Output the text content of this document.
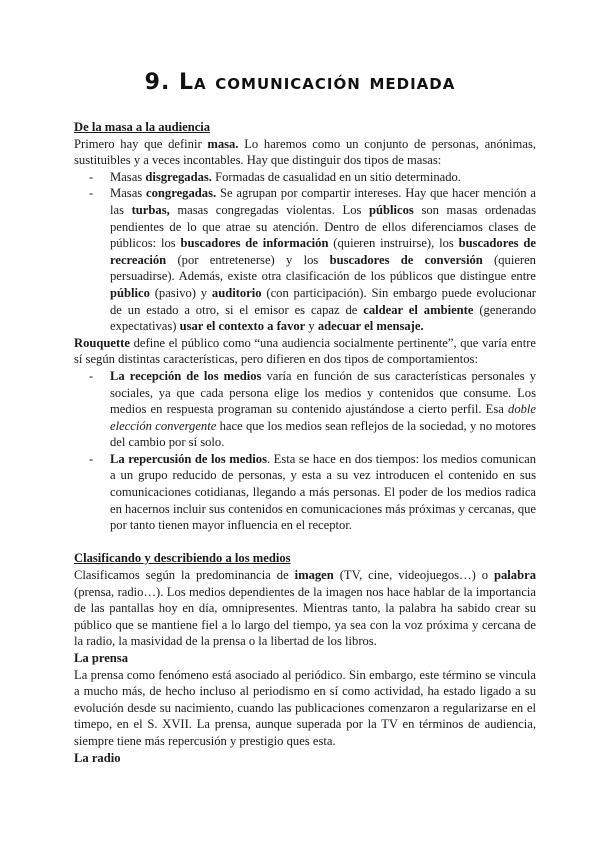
9. La comunicación mediada

De la masa a la audiencia

Primero hay que definir masa. Lo haremos como un conjunto de personas, anónimas, sustituibles y a veces incontables. Hay que distinguir dos tipos de masas:

- Masas disgregadas. Formadas de casualidad en un sitio determinado.
- Masas congregadas. Se agrupan por compartir intereses. Hay que hacer mención a las turbas, masas congregadas violentas. Los públicos son masas ordenadas pendientes de lo que atrae su atención. Dentro de ellos diferenciamos clases de públicos: los buscadores de información (quieren instruirse), los buscadores de recreación (por entretenerse) y los buscadores de conversión (quieren persuadirse). Además, existe otra clasificación de los públicos que distingue entre público (pasivo) y auditorio (con participación). Sin embargo puede evolucionar de un estado a otro, si el emisor es capaz de caldear el ambiente (generando expectativas) usar el contexto a favor y adecuar el mensaje.

Rouquette define el público como “una audiencia socialmente pertinente”, que varía entre sí según distintas características, pero difieren en dos tipos de comportamientos:

- La recepción de los medios varía en función de sus características personales y sociales, ya que cada persona elige los medios y contenidos que consume. Los medios en respuesta programan su contenido ajustándose a cierto perfil. Esa doble elección convergente hace que los medios sean reflejos de la sociedad, y no motores del cambio por sí solo.
- La repercusión de los medios. Esta se hace en dos tiempos: los medios comunican a un grupo reducido de personas, y esta a su vez introducen el contenido en sus comunicaciones cotidianas, llegando a más personas. El poder de los medios radica en hacernos incluir sus contenidos en comunicaciones más próximas y cercanas, que por tanto tienen mayor influencia en el receptor.

Clasificando y describiendo a los medios

Clasificamos según la predominancia de imagen (TV, cine, videojuegos…) o palabra (prensa, radio…). Los medios dependientes de la imagen nos hace hablar de la importancia de las pantallas hoy en día, omnipresentes. Mientras tanto, la palabra ha sabido crear su público que se mantiene fiel a lo largo del tiempo, ya sea con la voz próxima y cercana de la radio, la masividad de la prensa o la libertad de los libros.

La prensa

La prensa como fenómeno está asociado al periódico. Sin embargo, este término se vincula a mucho más, de hecho incluso al periodismo en sí como actividad, ha estado ligado a su evolución desde su nacimiento, cuando las publicaciones comenzaron a regularizarse en el timepo, en el S. XVII. La prensa, aunque superada por la TV en términos de audiencia, siempre tiene más repercusión y prestigio ques esta.

La radio
